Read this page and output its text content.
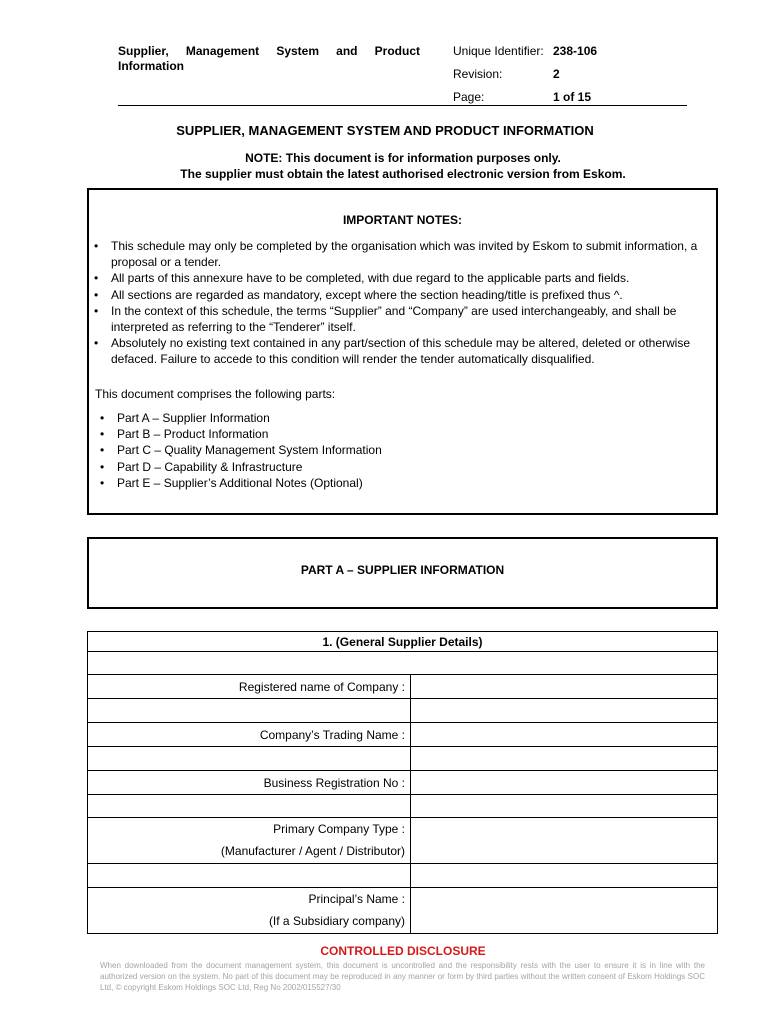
Supplier, Management System and Product
Information
Unique Identifier: 238-106
Revision:	2
Page:	1 of 15
SUPPLIER, MANAGEMENT SYSTEM AND PRODUCT INFORMATION
NOTE: This document is for information purposes only.
The supplier must obtain the latest authorised electronic version from Eskom.
IMPORTANT NOTES:
• This schedule may only be completed by the organisation which was invited by Eskom to submit information, a proposal or a tender.
• All parts of this annexure have to be completed, with due regard to the applicable parts and fields.
• All sections are regarded as mandatory, except where the section heading/title is prefixed thus ^.
• In the context of this schedule, the terms “Supplier” and “Company” are used interchangeably, and shall be interpreted as referring to the “Tenderer” itself.
• Absolutely no existing text contained in any part/section of this schedule may be altered, deleted or otherwise defaced. Failure to accede to this condition will render the tender automatically disqualified.
This document comprises the following parts:
• Part A – Supplier Information
• Part B – Product Information
• Part C – Quality Management System Information
• Part D – Capability & Infrastructure
• Part E – Supplier’s Additional Notes (Optional)
PART A – SUPPLIER INFORMATION
1. (General Supplier Details)	

Registered name of Company :	

Company’s Trading Name :	

Business Registration No :	

Primary Company Type :
(Manufacturer / Agent / Distributor)	

Principal’s Name :
(If a Subsidiary company)	

CONTROLLED DISCLOSURE
When downloaded from the document management system, this document is uncontrolled and the responsibility rests with the user to ensure it is in line with the authorized version on the system. No part of this document may be reproduced in any manner or form by third parties without the written consent of Eskom Holdings SOC Ltd, © copyright Eskom Holdings SOC Ltd, Reg No 2002/015527/30
